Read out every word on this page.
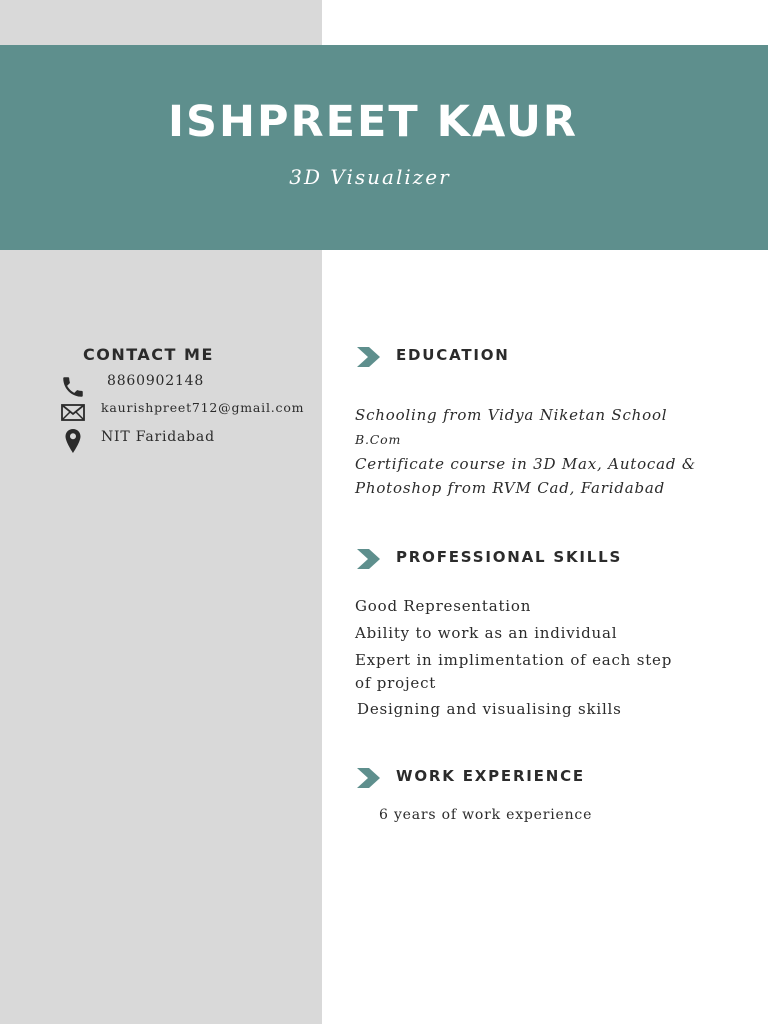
ISHPREET KAUR
3D Visualizer
CONTACT ME
8860902148
kaurishpreet712@gmail.com
NIT Faridabad
EDUCATION
Schooling from Vidya Niketan School
B.Com
Certificate course in 3D Max, Autocad &
Photoshop from RVM Cad, Faridabad
PROFESSIONAL SKILLS
Good Representation
Ability to work as an individual
Expert in implimentation of each step
of project
Designing and visualising skills
WORK EXPERIENCE
6 years of work experience
